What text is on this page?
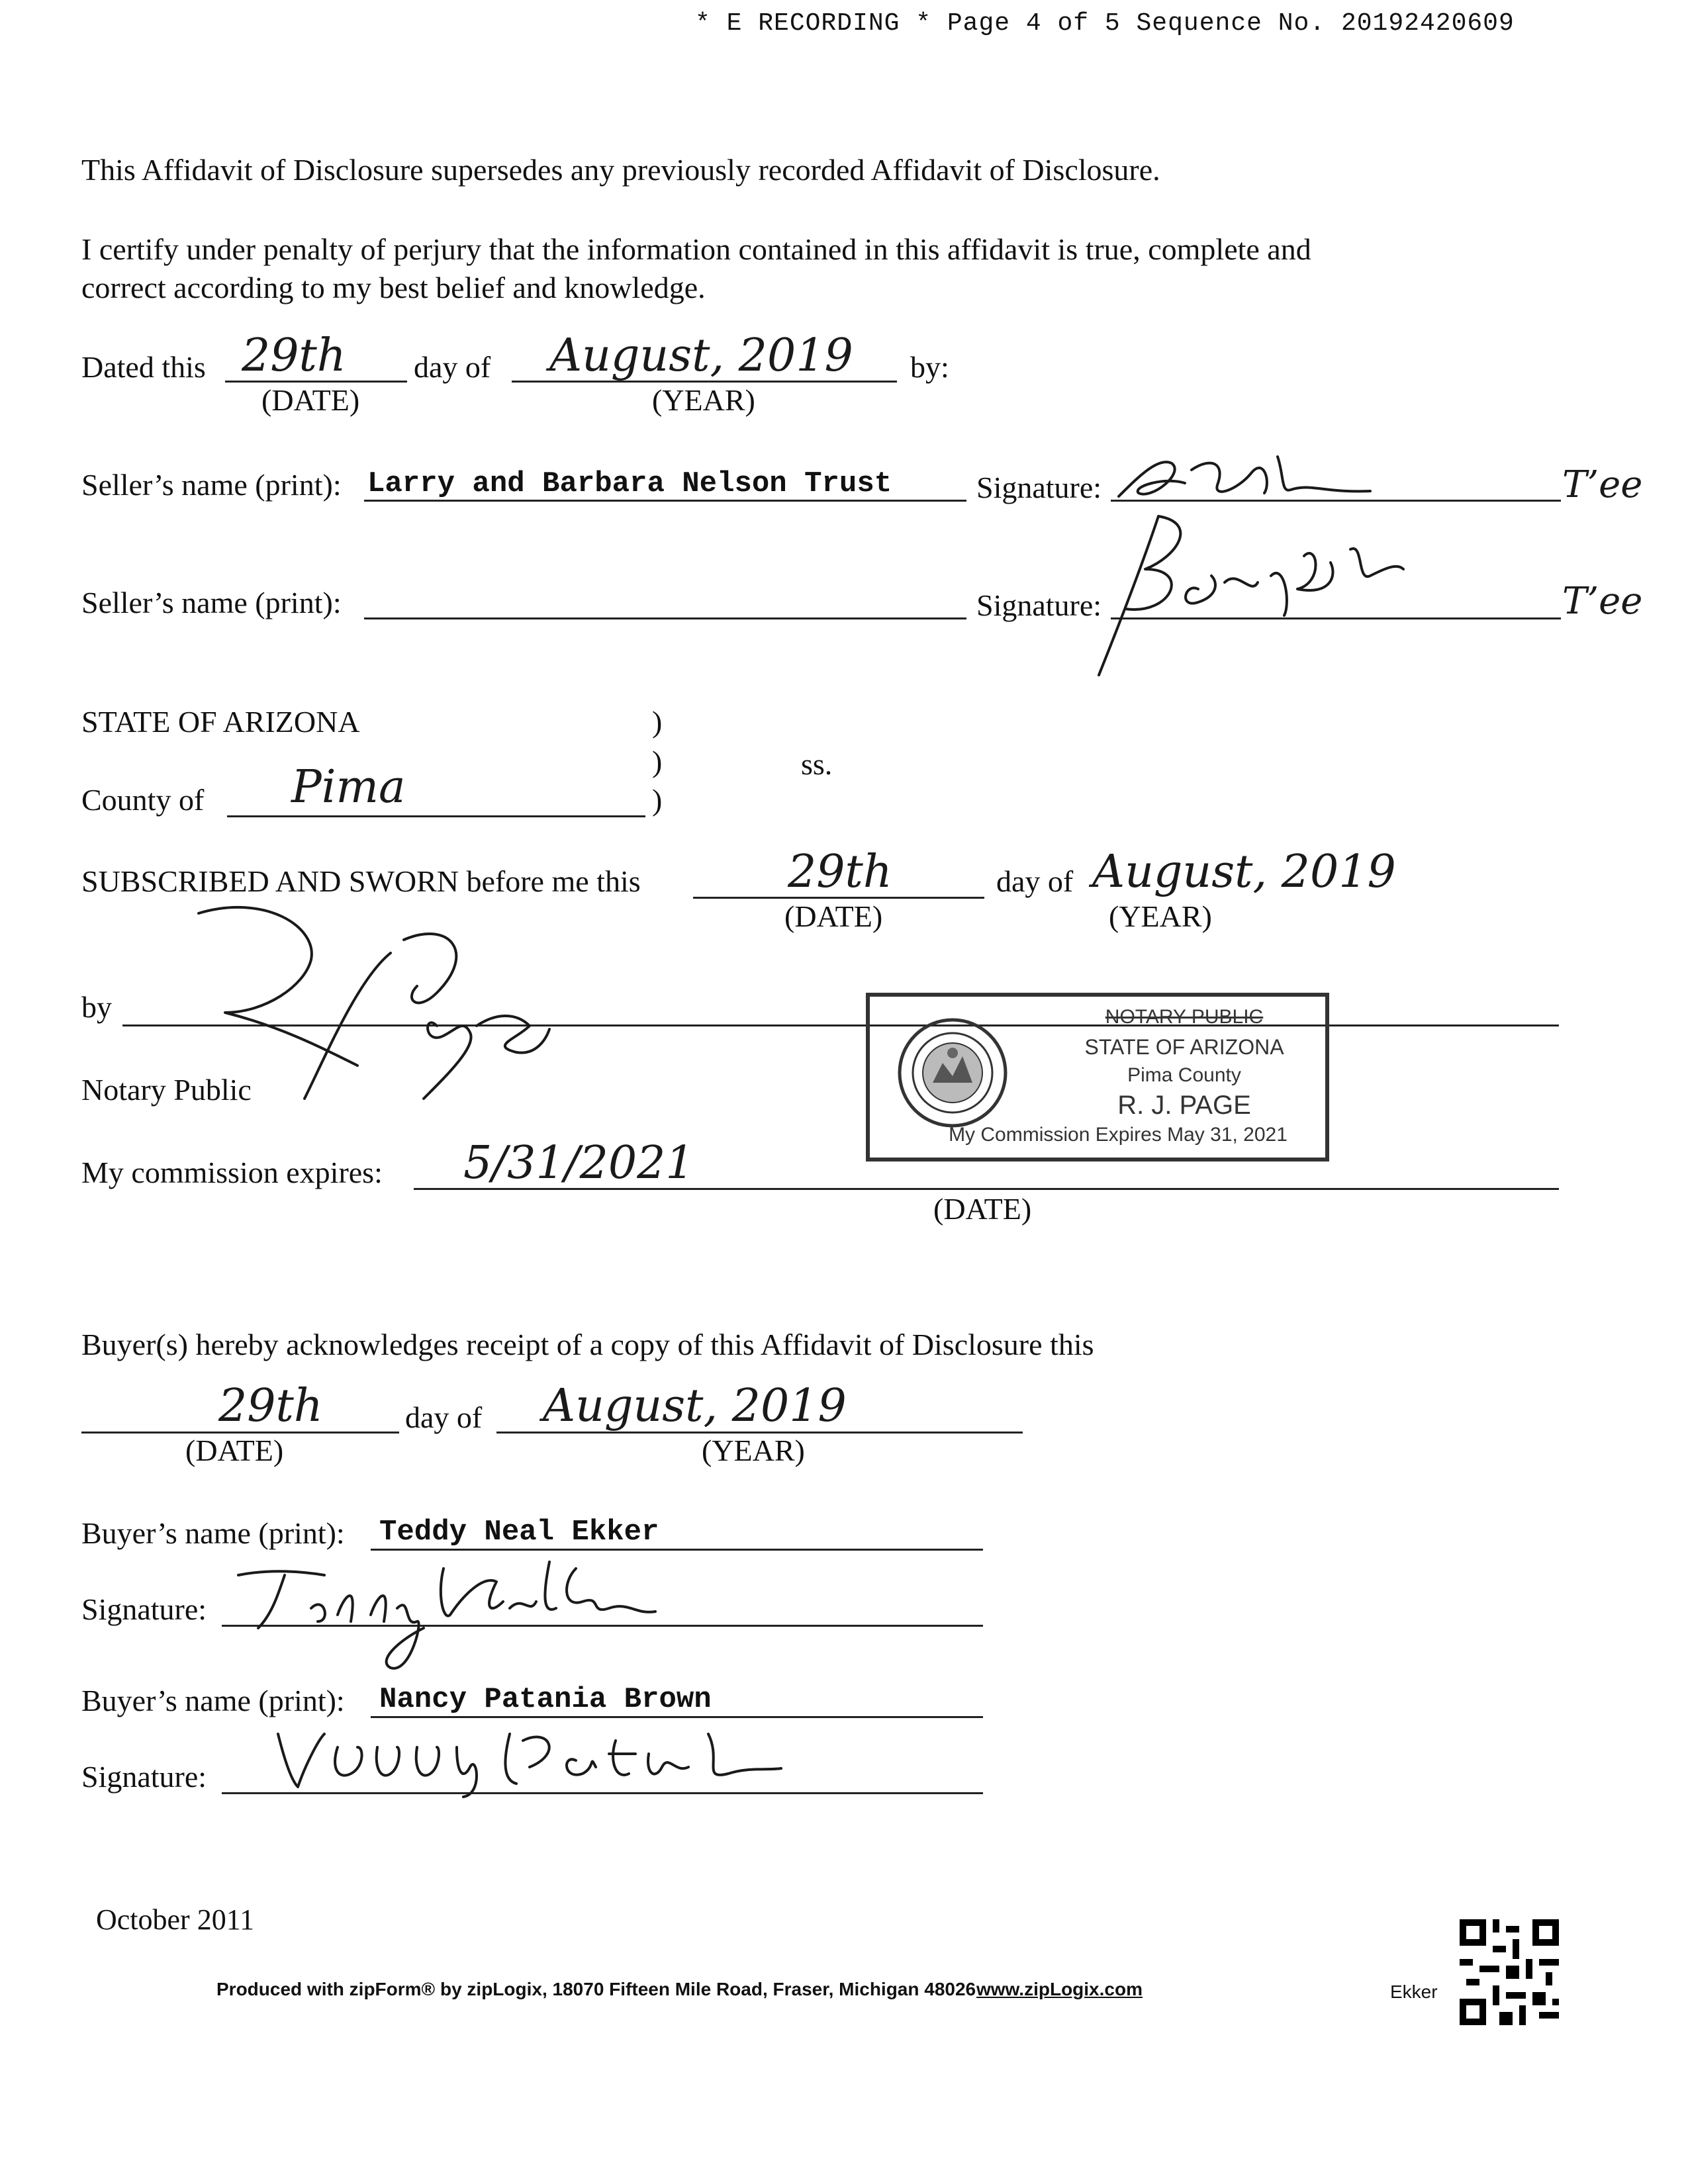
* E RECORDING * Page 4 of 5 Sequence No. 20192420609
This Affidavit of Disclosure supersedes any previously recorded Affidavit of Disclosure.
I certify under penalty of perjury that the information contained in this affidavit is true, complete and
correct according to my best belief and knowledge.
Dated this 29th
(DATE)
day of August, 2019
(YEAR)
by:
Seller’s name (print): Larry and Barbara Nelson Trust	Signature:	T’ee
Seller’s name (print):	Signature:	T’ee
STATE OF ARIZONA	)
)	ss.
County of Pima	)
SUBSCRIBED AND SWORN before me this	29th
(DATE)
day of August, 2019
(YEAR)
by
Notary Public
NOTARY PUBLIC
STATE OF ARIZONA
Pima County
R. J. PAGE
My Commission Expires May 31, 2021
My commission expires: 5/31/2021
(DATE)
Buyer(s) hereby acknowledges receipt of a copy of this Affidavit of Disclosure this
29th
(DATE)
day of August, 2019
(YEAR)
Buyer’s name (print): Teddy Neal Ekker
Signature:
Buyer’s name (print): Nancy Patania Brown
Signature:
October 2011
Produced with zipForm® by zipLogix, 18070 Fifteen Mile Road, Fraser, Michigan 48026 www.zipLogix.com	Ekker
